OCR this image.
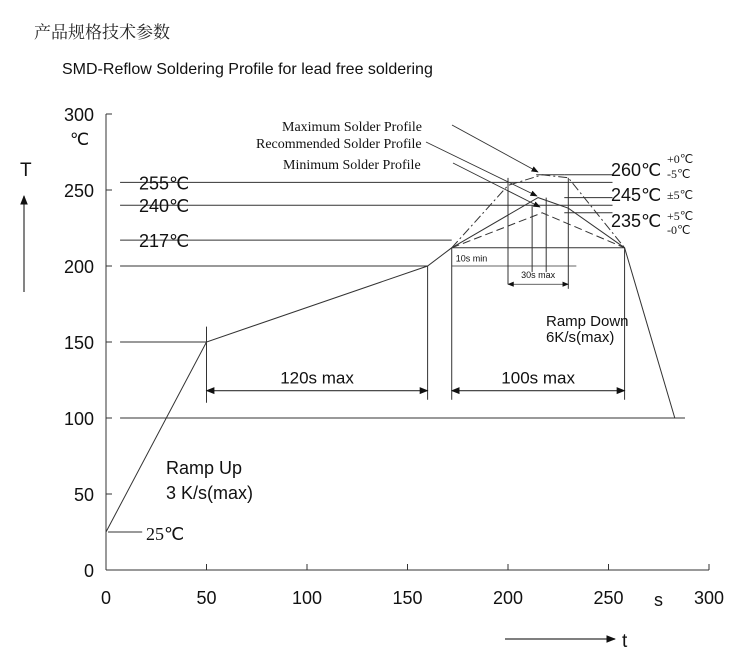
产品规格技术参数
SMD-Reflow Soldering Profile for lead free soldering
0
50
100
150
200
250
300
0	50	100	150	200	250	300
℃
T
s
t
255℃
240℃
217℃
120s max	100s max
10s min
30s max
260℃
+0℃
-5℃
245℃ ±5℃
235℃ +5℃
-0℃
Maximum Solder Profile
Recommended Solder Profile
Minimum Solder Profile
25℃
Ramp Up
3 K/s(max)
Ramp Down
6K/s(max)
